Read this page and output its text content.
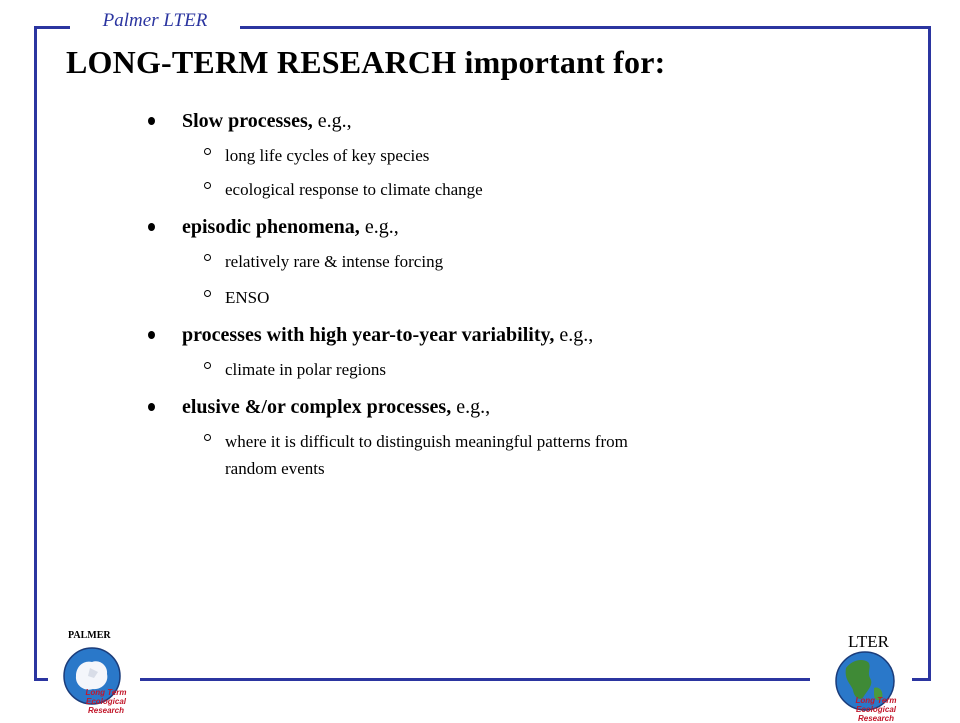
Palmer LTER
LONG-TERM RESEARCH important for:
Slow processes, e.g.,
long life cycles of key species
ecological response to climate change
episodic phenomena, e.g.,
relatively rare & intense forcing
ENSO
processes with high year-to-year variability, e.g.,
climate in polar regions
elusive &/or complex processes, e.g.,
where it is difficult to distinguish meaningful patterns from
random events
PALMER
Long Term
Ecological
Research
LTER
Long Term
Ecological
Research
